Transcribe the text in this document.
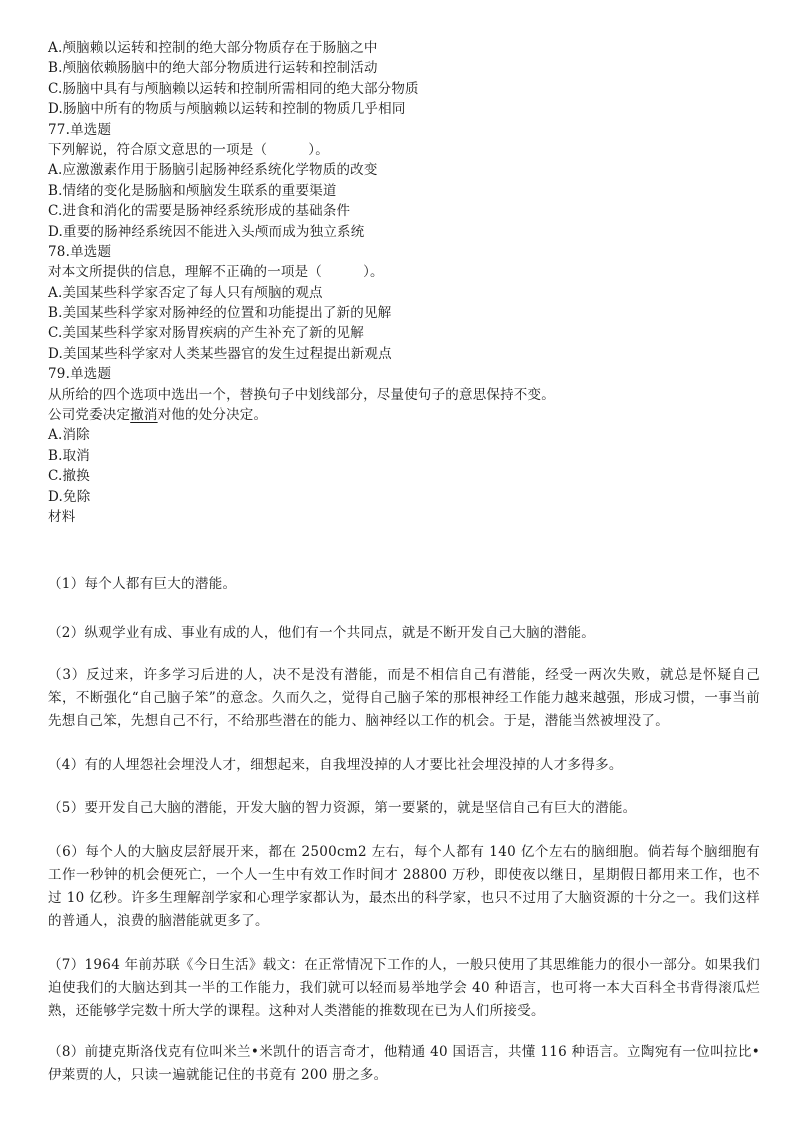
A.颅脑赖以运转和控制的绝大部分物质存在于肠脑之中
B.颅脑依赖肠脑中的绝大部分物质进行运转和控制活动
C.肠脑中具有与颅脑赖以运转和控制所需相同的绝大部分物质
D.肠脑中所有的物质与颅脑赖以运转和控制的物质几乎相同
77.单选题
下列解说，符合原文意思的一项是（　　　）。
A.应激激素作用于肠脑引起肠神经系统化学物质的改变
B.情绪的变化是肠脑和颅脑发生联系的重要渠道
C.进食和消化的需要是肠神经系统形成的基础条件
D.重要的肠神经系统因不能进入头颅而成为独立系统
78.单选题
对本文所提供的信息，理解不正确的一项是（　　　）。
A.美国某些科学家否定了每人只有颅脑的观点
B.美国某些科学家对肠神经的位置和功能提出了新的见解
C.美国某些科学家对肠胃疾病的产生补充了新的见解
D.美国某些科学家对人类某些器官的发生过程提出新观点
79.单选题
从所给的四个选项中选出一个，替换句子中划线部分，尽量使句子的意思保持不变。
公司党委决定撤消对他的处分决定。
A.消除
B.取消
C.撤换
D.免除
材料
（1）每个人都有巨大的潜能。
（2）纵观学业有成、事业有成的人，他们有一个共同点，就是不断开发自己大脑的潜能。
（3）反过来，许多学习后进的人，决不是没有潜能，而是不相信自己有潜能，经受一两次失败，就总是怀疑自己笨，不断强化“自己脑子笨”的意念。久而久之，觉得自己脑子笨的那根神经工作能力越来越强，形成习惯，一事当前先想自己笨，先想自己不行，不给那些潜在的能力、脑神经以工作的机会。于是，潜能当然被埋没了。
（4）有的人埋怨社会埋没人才，细想起来，自我埋没掉的人才要比社会埋没掉的人才多得多。
（5）要开发自己大脑的潜能，开发大脑的智力资源，第一要紧的，就是坚信自己有巨大的潜能。
（6）每个人的大脑皮层舒展开来，都在 2500cm2 左右，每个人都有 140 亿个左右的脑细胞。倘若每个脑细胞有工作一秒钟的机会便死亡，一个人一生中有效工作时间才 28800 万秒，即使夜以继日，星期假日都用来工作，也不过 10 亿秒。许多生理解剖学家和心理学家都认为，最杰出的科学家，也只不过用了大脑资源的十分之一。我们这样的普通人，浪费的脑潜能就更多了。
（7）1964 年前苏联《今日生活》载文：在正常情况下工作的人，一般只使用了其思维能力的很小一部分。如果我们迫使我们的大脑达到其一半的工作能力，我们就可以轻而易举地学会 40 种语言，也可将一本大百科全书背得滚瓜烂熟，还能够学完数十所大学的课程。这种对人类潜能的推数现在已为人们所接受。
（8）前捷克斯洛伐克有位叫米兰•米凯什的语言奇才，他精通 40 国语言，共懂 116 种语言。立陶宛有一位叫拉比•伊莱贾的人，只读一遍就能记住的书竟有 200 册之多。
